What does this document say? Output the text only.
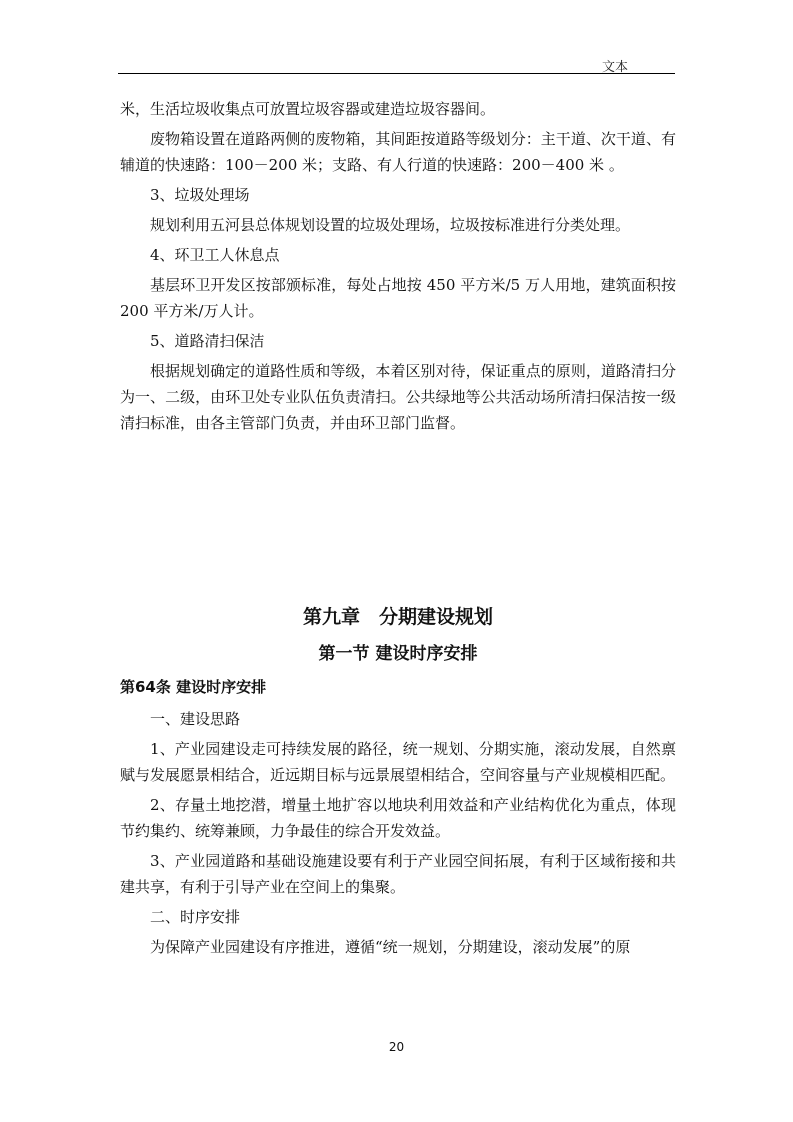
文本

米，生活垃圾收集点可放置垃圾容器或建造垃圾容器间。

废物箱设置在道路两侧的废物箱，其间距按道路等级划分：主干道、次干道、有辅道的快速路：100－200 米；支路、有人行道的快速路：200－400 米 。

3、垃圾处理场

规划利用五河县总体规划设置的垃圾处理场，垃圾按标准进行分类处理。

4、环卫工人休息点

基层环卫开发区按部颁标准，每处占地按 450 平方米/5 万人用地，建筑面积按 200 平方米/万人计。

5、道路清扫保洁

根据规划确定的道路性质和等级，本着区别对待，保证重点的原则，道路清扫分为一、二级，由环卫处专业队伍负责清扫。公共绿地等公共活动场所清扫保洁按一级清扫标准，由各主管部门负责，并由环卫部门监督。

第九章　分期建设规划
第一节 建设时序安排
第64条 建设时序安排

一、建设思路

1、产业园建设走可持续发展的路径，统一规划、分期实施，滚动发展，自然禀赋与发展愿景相结合，近远期目标与远景展望相结合，空间容量与产业规模相匹配。

2、存量土地挖潜，增量土地扩容以地块利用效益和产业结构优化为重点，体现节约集约、统筹兼顾，力争最佳的综合开发效益。

3、产业园道路和基础设施建设要有利于产业园空间拓展，有利于区域衔接和共建共享，有利于引导产业在空间上的集聚。

二、时序安排

为保障产业园建设有序推进，遵循“统一规划，分期建设，滚动发展”的原

20
